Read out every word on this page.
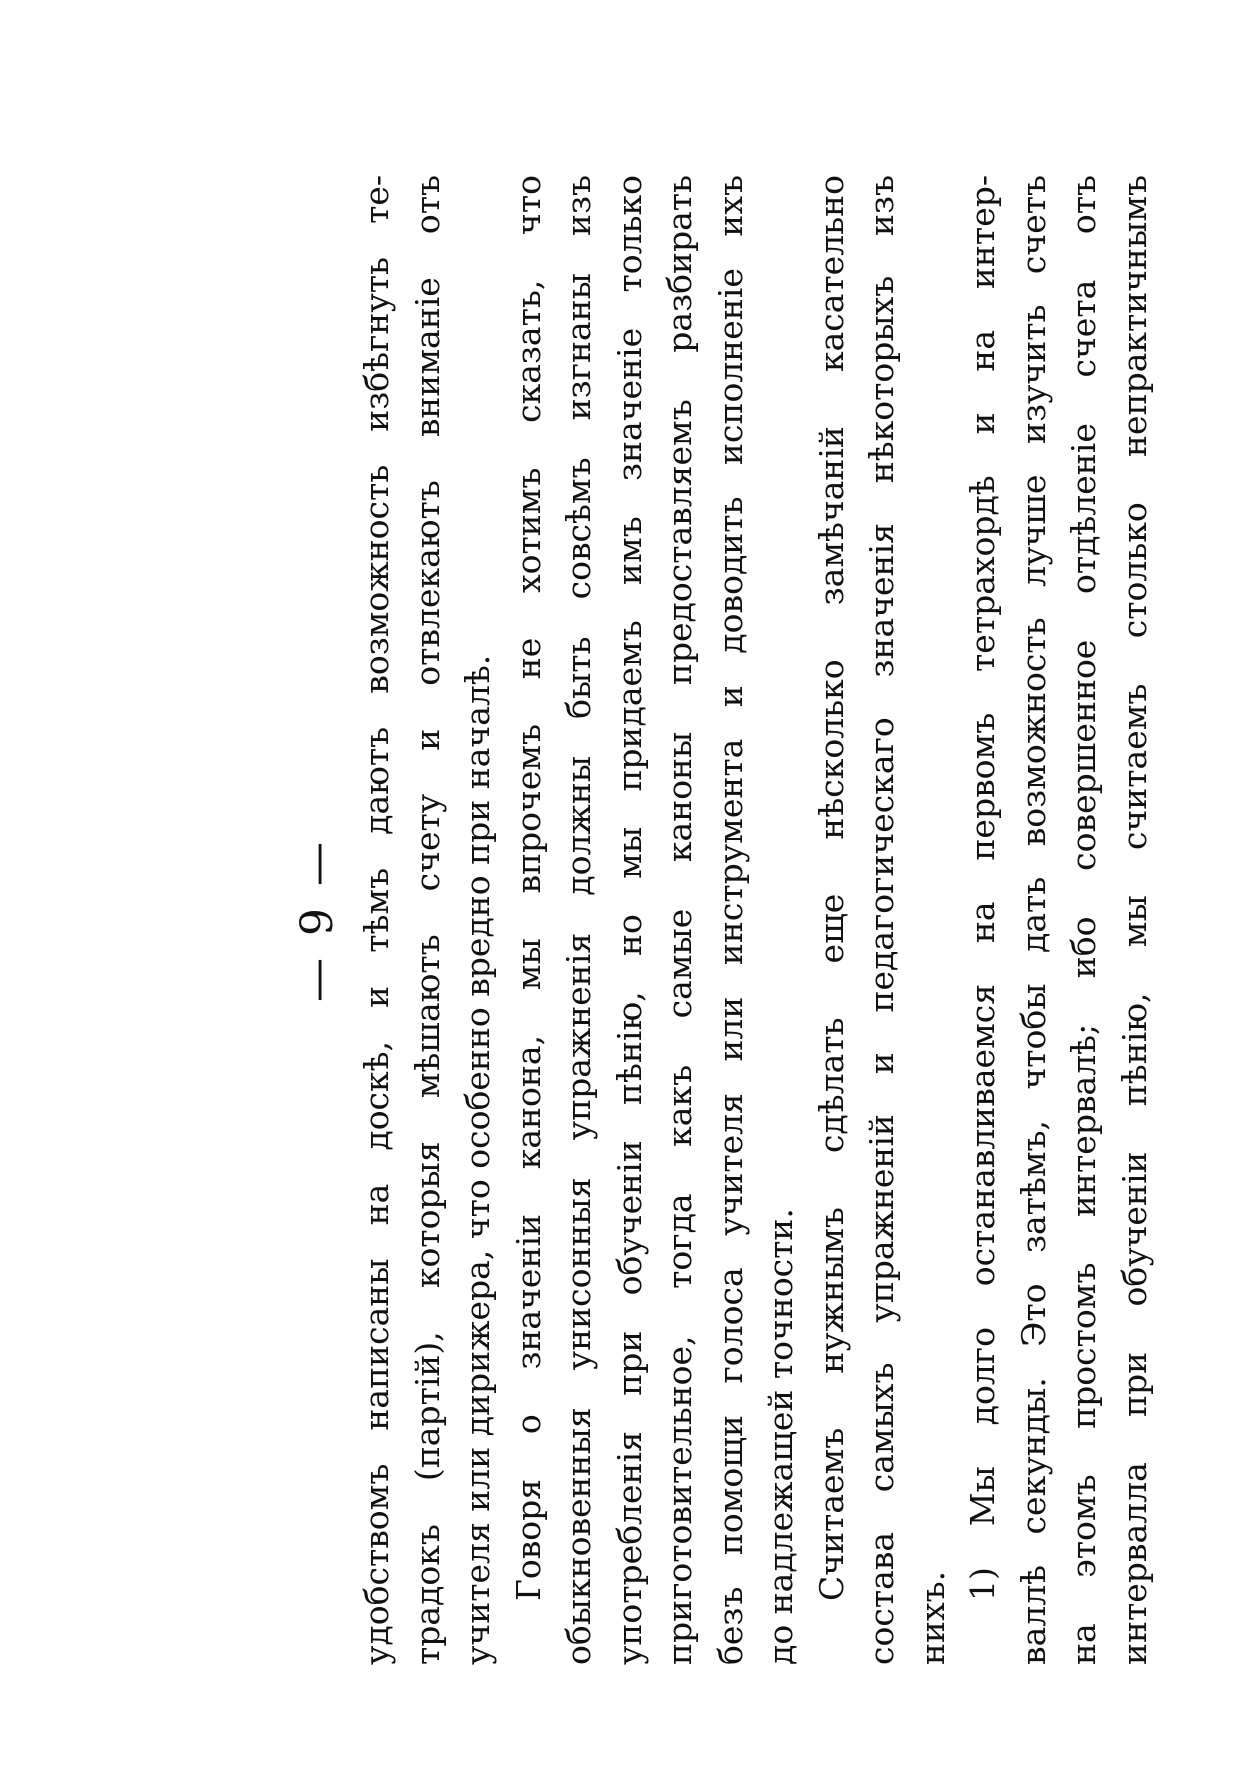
— 9 — удобствомъ написаны на доскѣ, и тѣмъ даютъ возможность избѣгнуть те- традокъ (партій), которыя мѣшаютъ счету и отвлекаютъ вниманіе отъ учителя или дирижера, что особенно вредно при началѣ. Говоря о значеніи канона, мы впрочемъ не хотимъ сказать, что обыкновенныя унисонныя упражненія должны быть совсѣмъ изгнаны изъ употребленія при обученіи пѣнію, но мы придаемъ имъ значеніе только приготовительное, тогда какъ самые каноны предоставляемъ разбирать безъ помощи голоса учителя или инструмента и доводить исполненіе ихъ до надлежащей точности. Считаемъ нужнымъ сдѣлать еще нѣсколько замѣчаній касательно состава самыхъ упражненій и педагогическаго значенія нѣкоторыхъ изъ нихъ.
1) Мы долго останавливаемся на первомъ тетрахордѣ и на интер- валлѣ секунды. Это затѣмъ, чтобы дать возможность лучше изучить счетъ на этомъ простомъ интервалѣ; ибо совершенное отдѣленіе счета отъ интервалла при обученіи пѣнію, мы считаемъ столько непрактичнымъ
